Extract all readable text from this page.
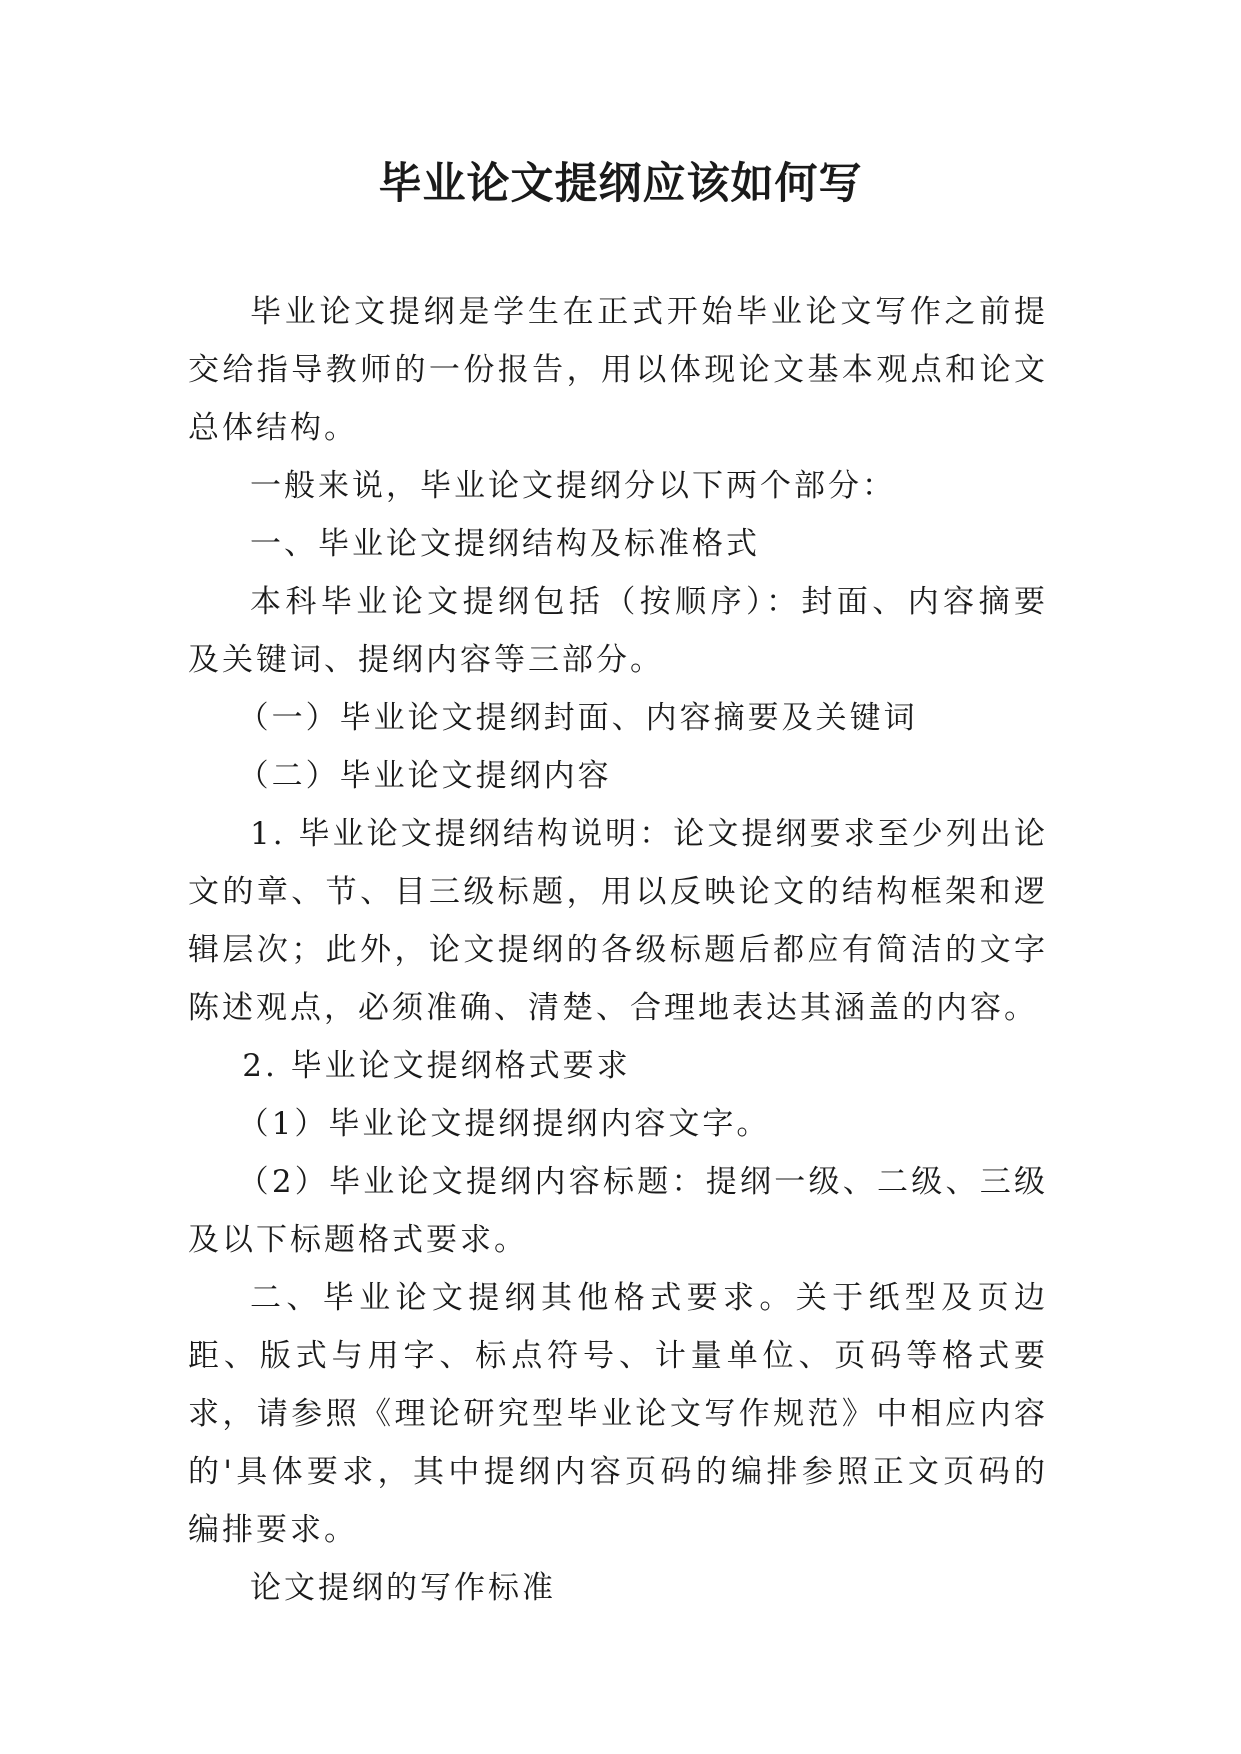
毕业论文提纲应该如何写

毕业论文提纲是学生在正式开始毕业论文写作之前提交给指导教师的一份报告，用以体现论文基本观点和论文总体结构。

一般来说，毕业论文提纲分以下两个部分：

一、毕业论文提纲结构及标准格式

本科毕业论文提纲包括（按顺序）：封面、内容摘要及关键词、提纲内容等三部分。

（一）毕业论文提纲封面、内容摘要及关键词

（二）毕业论文提纲内容

1. 毕业论文提纲结构说明：论文提纲要求至少列出论文的章、节、目三级标题，用以反映论文的结构框架和逻辑层次；此外，论文提纲的各级标题后都应有简洁的文字陈述观点，必须准确、清楚、合理地表达其涵盖的内容。

2. 毕业论文提纲格式要求

（1）毕业论文提纲提纲内容文字。

（2）毕业论文提纲内容标题：提纲一级、二级、三级及以下标题格式要求。

二、毕业论文提纲其他格式要求。关于纸型及页边距、版式与用字、标点符号、计量单位、页码等格式要求，请参照《理论研究型毕业论文写作规范》中相应内容的'具体要求，其中提纲内容页码的编排参照正文页码的编排要求。

论文提纲的写作标准
